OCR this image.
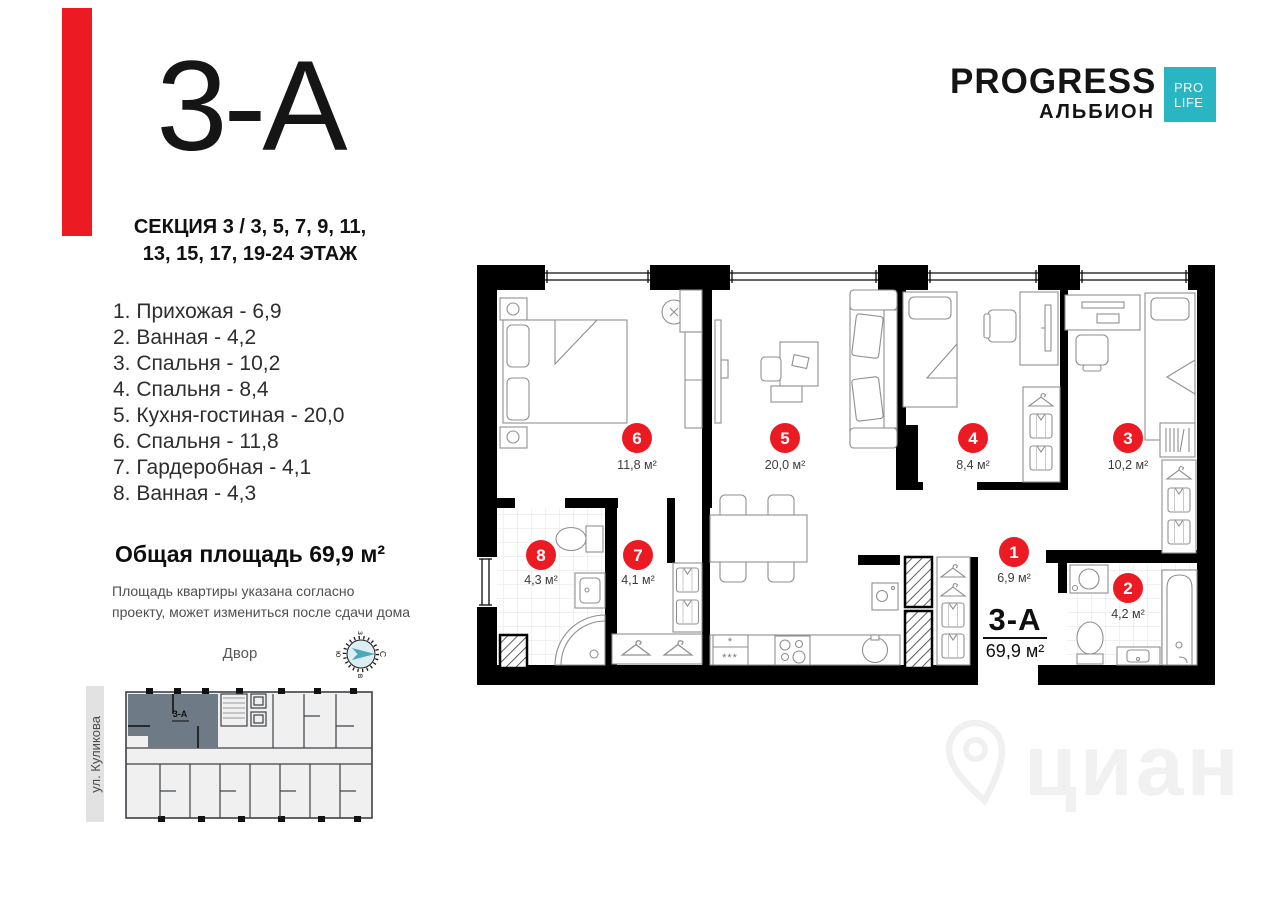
3-А
СЕКЦИЯ 3 / 3, 5, 7, 9, 11,
13, 15, 17, 19-24 ЭТАЖ
1. Прихожая - 6,9
2. Ванная - 4,2
3. Спальня - 10,2
4. Спальня - 8,4
5. Кухня-гостиная - 20,0
6. Спальня - 11,8
7. Гардеробная - 4,1
8. Ванная - 4,3
Общая площадь 69,9 м²
Площадь квартиры указана согласно
проекту, может измениться после сдачи дома
Двор
з
С
в
ю
ул. Куликова
3-А
PROGRESS
АЛЬБИОН
PRO
LIFE
циан
*
***
1
6,9 м²
2
4,2 м²
3
10,2 м²
4
8,4 м²
5
20,0 м²
6
11,8 м²
7
4,1 м²
8
4,3 м²
3-А
69,9 м²
